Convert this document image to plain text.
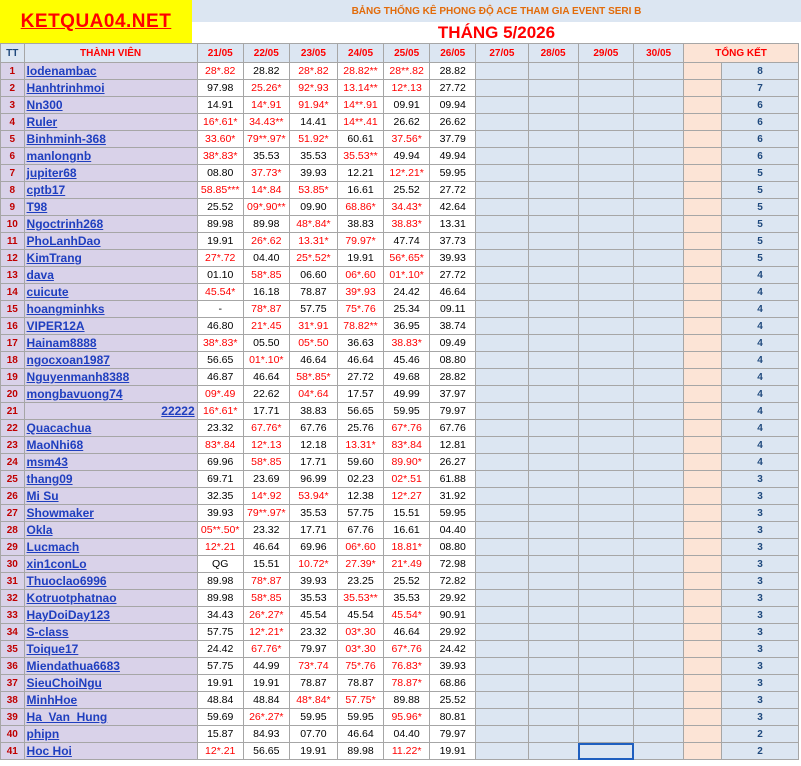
KETQUA04.NET	BẢNG THỐNG KÊ PHONG ĐỘ ACE THAM GIA EVENT SERI B
THÁNG 5/2026
TT	THÀNH VIÊN	21/05	22/05	23/05	24/05	25/05	26/05	27/05	28/05	29/05	30/05	TỔNG KẾT	
1	lodenambac	28*.82	28.82	28*.82	28.82**	28**.82	28.82						8
2	Hanhtrinhmoi	97.98	25.26*	92*.93	13.14**	12*.13	27.72						7
3	Nn300	14.91	14*.91	91.94*	14**.91	09.91	09.94						6
4	Ruler	16*.61*	34.43**	14.41	14**.41	26.62	26.62						6
5	Binhminh-368	33.60*	79**.97*	51.92*	60.61	37.56*	37.79						6
6	manlongnb	38*.83*	35.53	35.53	35.53**	49.94	49.94						6
7	jupiter68	08.80	37.73*	39.93	12.21	12*.21*	59.95						5
8	cptb17	58.85***	14*.84	53.85*	16.61	25.52	27.72						5
9	T98	25.52	09*.90**	09.90	68.86*	34.43*	42.64						5
10	Ngoctrinh268	89.98	89.98	48*.84*	38.83	38.83*	13.31						5
11	PhoLanhDao	19.91	26*.62	13.31*	79.97*	47.74	37.73						5
12	KimTrang	27*.72	04.40	25*.52*	19.91	56*.65*	39.93						5
13	dava	01.10	58*.85	06.60	06*.60	01*.10*	27.72						4
14	cuicute	45.54*	16.18	78.87	39*.93	24.42	46.64						4
15	hoangminhks	-	78*.87	57.75	75*.76	25.34	09.11						4
16	VIPER12A	46.80	21*.45	31*.91	78.82**	36.95	38.74						4
17	Hainam8888	38*.83*	05.50	05*.50	36.63	38.83*	09.49						4
18	ngocxoan1987	56.65	01*.10*	46.64	46.64	45.46	08.80						4
19	Nguyenmanh8388	46.87	46.64	58*.85*	27.72	49.68	28.82						4
20	mongbavuong74	09*.49	22.62	04*.64	17.57	49.99	37.97						4
21	22222	16*.61*	17.71	38.83	56.65	59.95	79.97						4
22	Quacachua	23.32	67.76*	67.76	25.76	67*.76	67.76						4
23	MaoNhi68	83*.84	12*.13	12.18	13.31*	83*.84	12.81						4
24	msm43	69.96	58*.85	17.71	59.60	89.90*	26.27						4
25	thang09	69.71	23.69	96.99	02.23	02*.51	61.88						3
26	Mi Su	32.35	14*.92	53.94*	12.38	12*.27	31.92						3
27	Showmaker	39.93	79**.97*	35.53	57.75	15.51	59.95						3
28	Okla	05**.50*	23.32	17.71	67.76	16.61	04.40						3
29	Lucmach	12*.21	46.64	69.96	06*.60	18.81*	08.80						3
30	xin1conLo	QG	15.51	10.72*	27.39*	21*.49	72.98						3
31	Thuoclao6996	89.98	78*.87	39.93	23.25	25.52	72.82						3
32	Kotruotphatnao	89.98	58*.85	35.53	35.53**	35.53	29.92						3
33	HayDoiDay123	34.43	26*.27*	45.54	45.54	45.54*	90.91						3
34	S-class	57.75	12*.21*	23.32	03*.30	46.64	29.92						3
35	Toique17	24.42	67.76*	79.97	03*.30	67*.76	24.42						3
36	Miendathua6683	57.75	44.99	73*.74	75*.76	76.83*	39.93						3
37	SieuChoiNgu	19.91	19.91	78.87	78.87	78.87*	68.86						3
38	MinhHoe	48.84	48.84	48*.84*	57.75*	89.88	25.52						3
39	Ha_Van_Hung	59.69	26*.27*	59.95	59.95	95.96*	80.81						3
40	phipn	15.87	84.93	07.70	46.64	04.40	79.97						2
41	Hoc Hoi	12*.21	56.65	19.91	89.98	11.22*	19.91						2
